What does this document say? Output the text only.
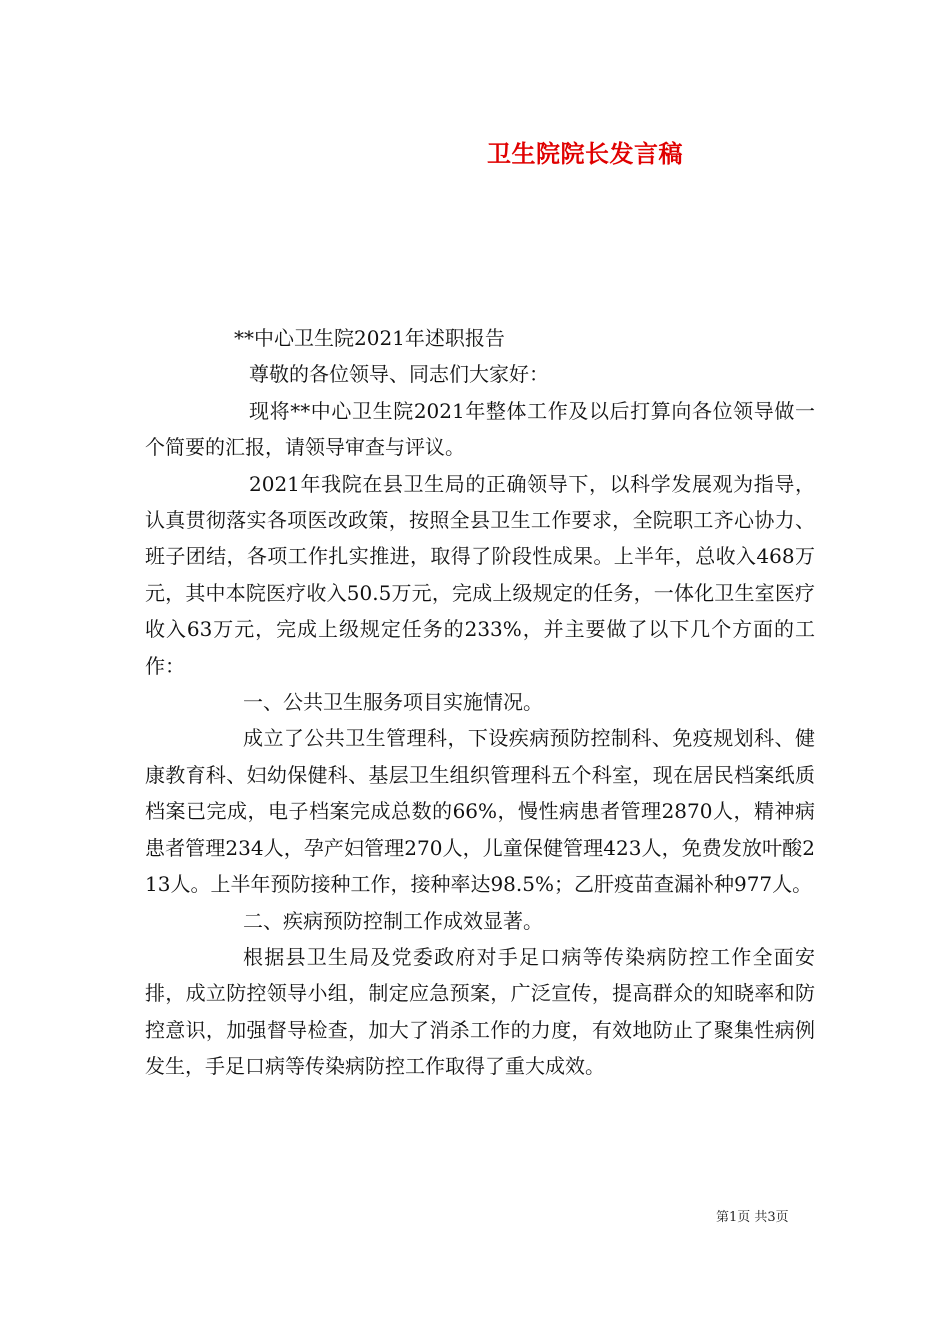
卫生院院长发言稿

**中心卫生院2021年述职报告

尊敬的各位领导、同志们大家好：

现将**中心卫生院2021年整体工作及以后打算向各位领导做一个简要的汇报，请领导审查与评议。

2021年我院在县卫生局的正确领导下，以科学发展观为指导，认真贯彻落实各项医改政策，按照全县卫生工作要求，全院职工齐心协力、班子团结，各项工作扎实推进，取得了阶段性成果。上半年，总收入468万元，其中本院医疗收入50.5万元，完成上级规定的任务，一体化卫生室医疗收入63万元，完成上级规定任务的233%，并主要做了以下几个方面的工作：

一、公共卫生服务项目实施情况。

成立了公共卫生管理科，下设疾病预防控制科、免疫规划科、健康教育科、妇幼保健科、基层卫生组织管理科五个科室，现在居民档案纸质档案已完成，电子档案完成总数的66%，慢性病患者管理2870人，精神病患者管理234人，孕产妇管理270人，儿童保健管理423人，免费发放叶酸213人。上半年预防接种工作，接种率达98.5%；乙肝疫苗查漏补种977人。

二、疾病预防控制工作成效显著。

根据县卫生局及党委政府对手足口病等传染病防控工作全面安排，成立防控领导小组，制定应急预案，广泛宣传，提高群众的知晓率和防控意识，加强督导检查，加大了消杀工作的力度，有效地防止了聚集性病例发生，手足口病等传染病防控工作取得了重大成效。

第1页 共3页
